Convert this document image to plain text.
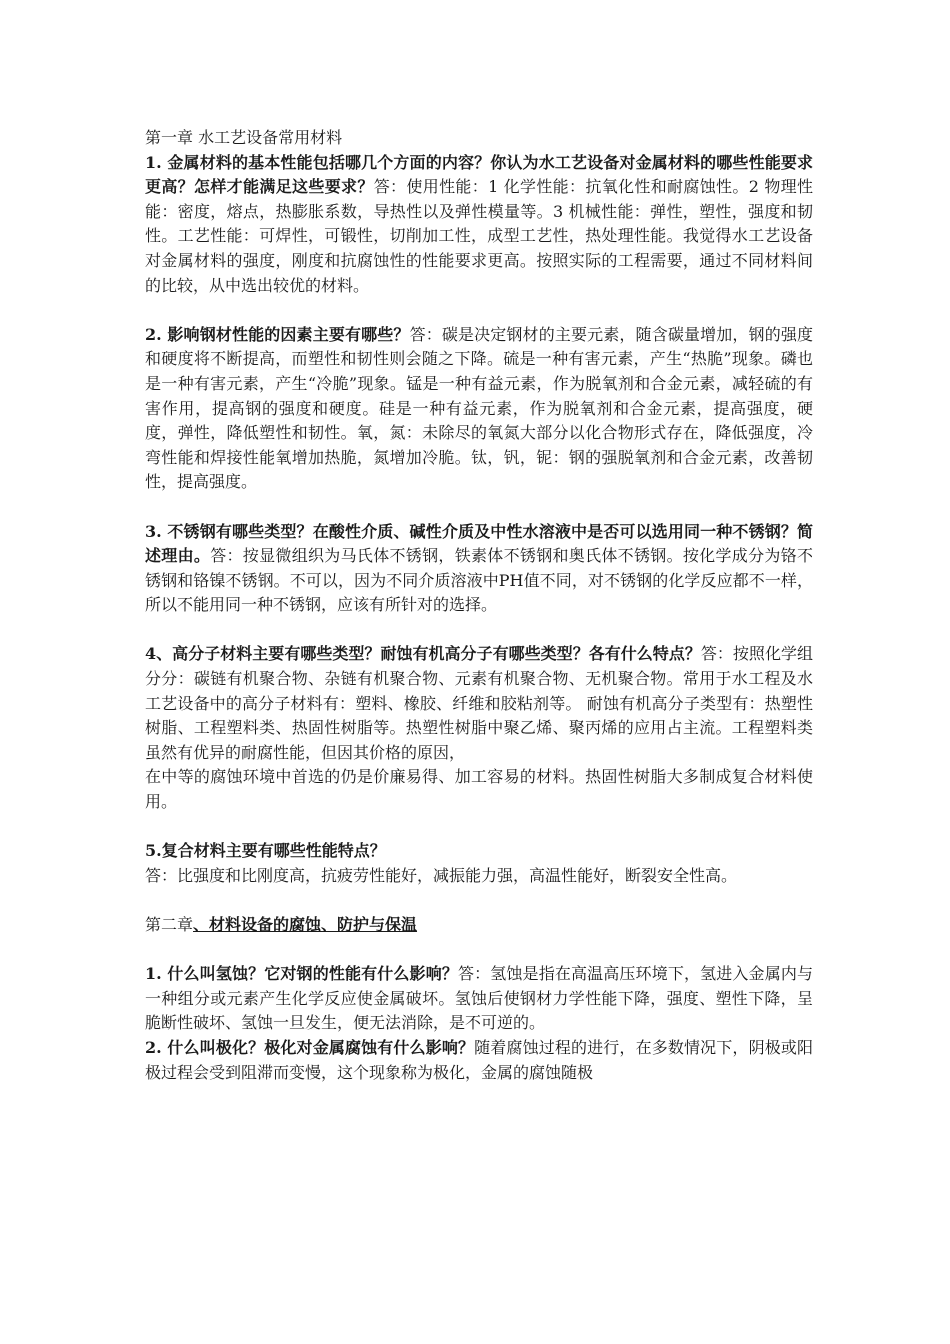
第一章 水工艺设备常用材料

1. 金属材料的基本性能包括哪几个方面的内容？你认为水工艺设备对金属材料的哪些性能要求更高？怎样才能满足这些要求？答：使用性能：1 化学性能：抗氧化性和耐腐蚀性。2 物理性能：密度，熔点，热膨胀系数，导热性以及弹性模量等。3 机械性能：弹性，塑性，强度和韧性。工艺性能：可焊性，可锻性，切削加工性，成型工艺性，热处理性能。我觉得水工艺设备对金属材料的强度，刚度和抗腐蚀性的性能要求更高。按照实际的工程需要，通过不同材料间的比较，从中选出较优的材料。

2. 影响钢材性能的因素主要有哪些？答：碳是决定钢材的主要元素，随含碳量增加，钢的强度和硬度将不断提高，而塑性和韧性则会随之下降。硫是一种有害元素，产生“热脆”现象。磷也是一种有害元素，产生“冷脆”现象。锰是一种有益元素，作为脱氧剂和合金元素，减轻硫的有害作用，提高钢的强度和硬度。硅是一种有益元素，作为脱氧剂和合金元素，提高强度，硬度，弹性，降低塑性和韧性。氧，氮：未除尽的氧氮大部分以化合物形式存在，降低强度，冷弯性能和焊接性能氧增加热脆，氮增加冷脆。钛，钒，铌：钢的强脱氧剂和合金元素，改善韧性，提高强度。

3. 不锈钢有哪些类型？在酸性介质、碱性介质及中性水溶液中是否可以选用同一种不锈钢？简述理由。答：按显微组织为马氏体不锈钢，铁素体不锈钢和奥氏体不锈钢。按化学成分为铬不锈钢和铬镍不锈钢。不可以，因为不同介质溶液中PH值不同，对不锈钢的化学反应都不一样，所以不能用同一种不锈钢，应该有所针对的选择。

4、高分子材料主要有哪些类型？耐蚀有机高分子有哪些类型？各有什么特点？答：按照化学组分分：碳链有机聚合物、杂链有机聚合物、元素有机聚合物、无机聚合物。常用于水工程及水工艺设备中的高分子材料有：塑料、橡胶、纤维和胶粘剂等。 耐蚀有机高分子类型有：热塑性树脂、工程塑料类、热固性树脂等。热塑性树脂中聚乙烯、聚丙烯的应用占主流。工程塑料类虽然有优异的耐腐性能，但因其价格的原因，

在中等的腐蚀环境中首选的仍是价廉易得、加工容易的材料。热固性树脂大多制成复合材料使用。

5.复合材料主要有哪些性能特点？

答：比强度和比刚度高，抗疲劳性能好，减振能力强，高温性能好，断裂安全性高。

第二章、材料设备的腐蚀、防护与保温

1. 什么叫氢蚀？它对钢的性能有什么影响？答：氢蚀是指在高温高压环境下，氢进入金属内与一种组分或元素产生化学反应使金属破坏。氢蚀后使钢材力学性能下降，强度、塑性下降，呈脆断性破坏、氢蚀一旦发生，便无法消除，是不可逆的。

2. 什么叫极化？极化对金属腐蚀有什么影响？随着腐蚀过程的进行，在多数情况下，阴极或阳极过程会受到阻滞而变慢，这个现象称为极化，金属的腐蚀随极
